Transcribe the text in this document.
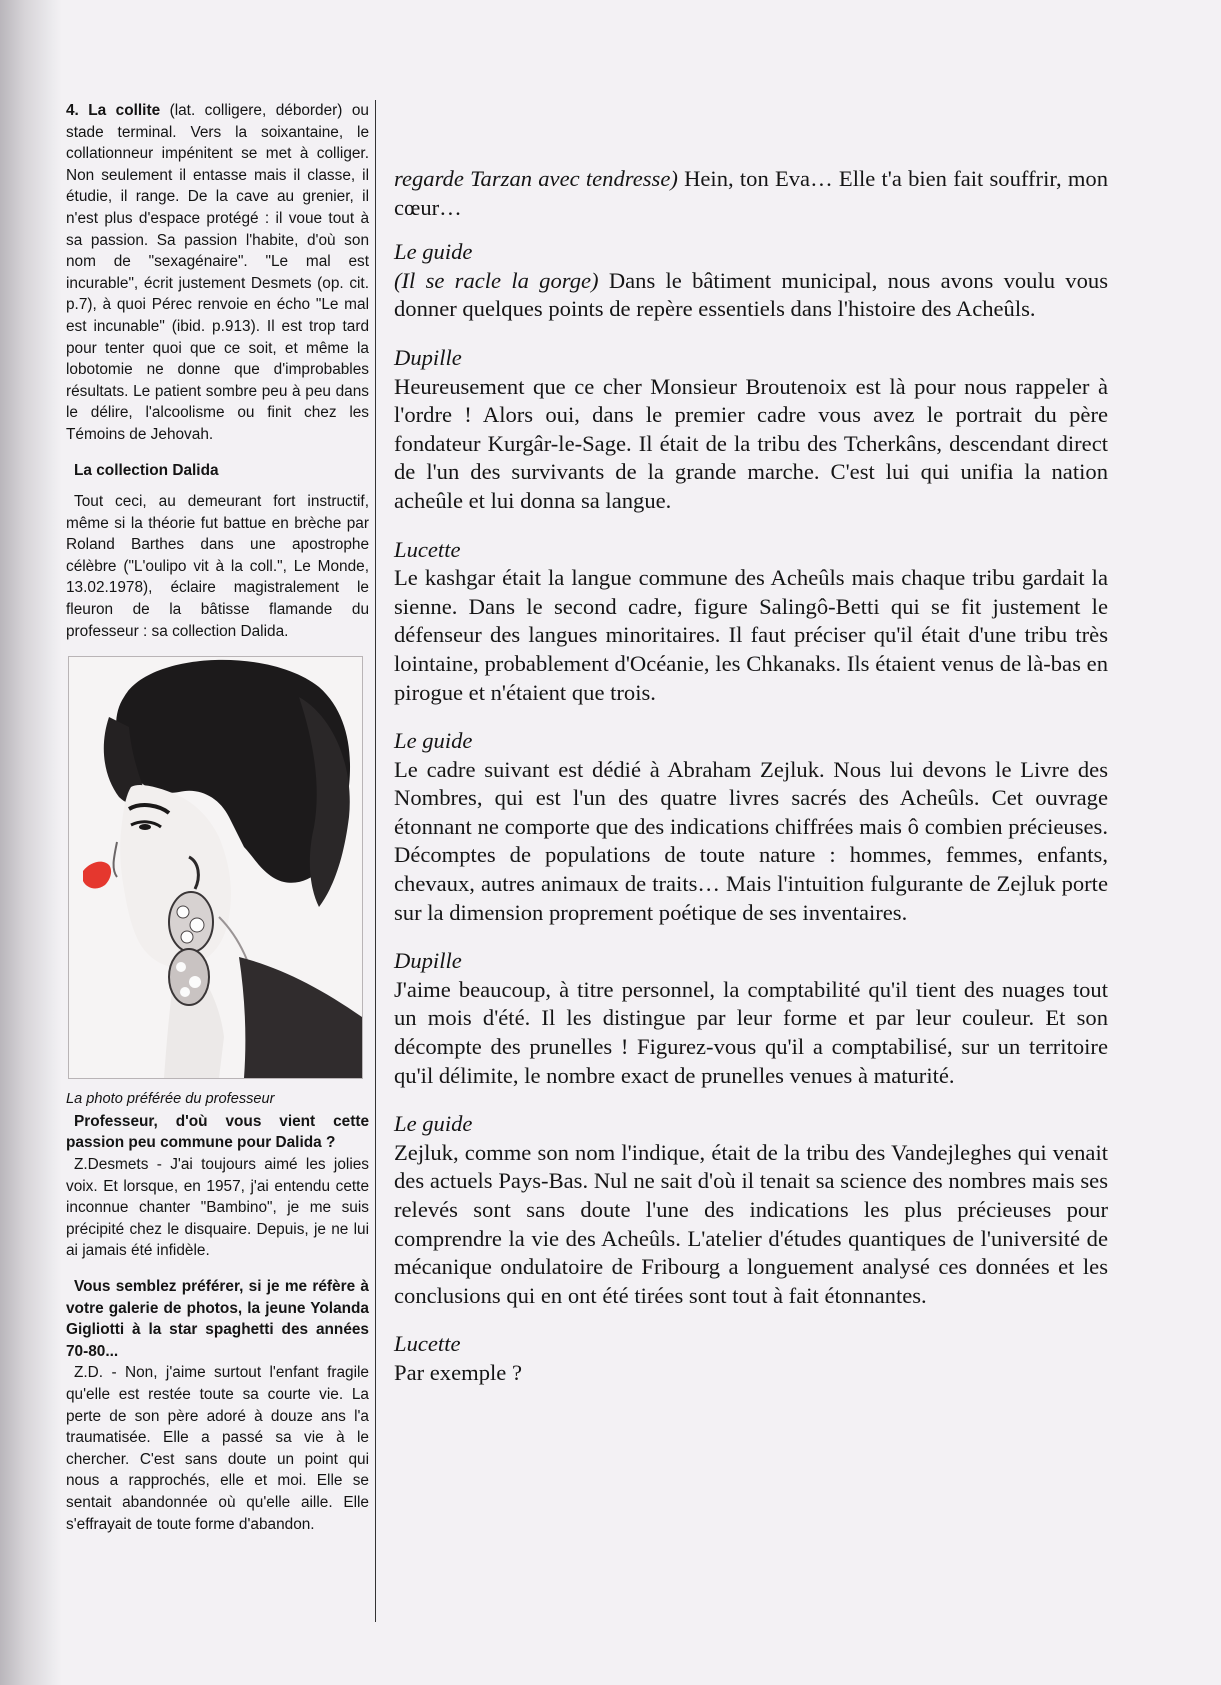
4. La collite (lat. colligere, déborder) ou stade terminal. Vers la soixantaine, le collationneur impénitent se met à colliger. Non seulement il entasse mais il classe, il étudie, il range. De la cave au grenier, il n'est plus d'espace protégé : il voue tout à sa passion. Sa passion l'habite, d'où son nom de "sexagénaire". "Le mal est incurable", écrit justement Desmets (op. cit. p.7), à quoi Pérec renvoie en écho "Le mal est incunable" (ibid. p.913). Il est trop tard pour tenter quoi que ce soit, et même la lobotomie ne donne que d'improbables résultats. Le patient sombre peu à peu dans le délire, l'alcoolisme ou finit chez les Témoins de Jehovah.

La collection Dalida

Tout ceci, au demeurant fort instructif, même si la théorie fut battue en brèche par Roland Barthes dans une apostrophe célèbre ("L'oulipo vit à la coll.", Le Monde, 13.02.1978), éclaire magistralement le fleuron de la bâtisse flamande du professeur : sa collection Dalida.

La photo préférée du professeur

Professeur, d'où vous vient cette passion peu commune pour Dalida ?

Z.Desmets - J'ai toujours aimé les jolies voix. Et lorsque, en 1957, j'ai entendu cette inconnue chanter "Bambino", je me suis précipité chez le disquaire. Depuis, je ne lui ai jamais été infidèle.

Vous semblez préférer, si je me réfère à votre galerie de photos, la jeune Yolanda Gigliotti à la star spaghetti des années 70-80...

Z.D. - Non, j'aime surtout l'enfant fragile qu'elle est restée toute sa courte vie. La perte de son père adoré à douze ans l'a traumatisée. Elle a passé sa vie à le chercher. C'est sans doute un point qui nous a rapprochés, elle et moi. Elle se sentait abandonnée où qu'elle aille. Elle s'effrayait de toute forme d'abandon.

regarde Tarzan avec tendresse) Hein, ton Eva… Elle t'a bien fait souffrir, mon cœur…

Le guide

(Il se racle la gorge) Dans le bâtiment municipal, nous avons voulu vous donner quelques points de repère essentiels dans l'histoire des Acheûls.

Dupille

Heureusement que ce cher Monsieur Broutenoix est là pour nous rappeler à l'ordre ! Alors oui, dans le premier cadre vous avez le portrait du père fondateur Kurgâr-le-Sage. Il était de la tribu des Tcherkâns, descendant direct de l'un des survivants de la grande marche. C'est lui qui unifia la nation acheûle et lui donna sa langue.

Lucette

Le kashgar était la langue commune des Acheûls mais chaque tribu gardait la sienne. Dans le second cadre, figure Salingô-Betti qui se fit justement le défenseur des langues minoritaires. Il faut préciser qu'il était d'une tribu très lointaine, probablement d'Océanie, les Chkanaks. Ils étaient venus de là-bas en pirogue et n'étaient que trois.

Le guide

Le cadre suivant est dédié à Abraham Zejluk. Nous lui devons le Livre des Nombres, qui est l'un des quatre livres sacrés des Acheûls. Cet ouvrage étonnant ne comporte que des indications chiffrées mais ô combien précieuses. Décomptes de populations de toute nature : hommes, femmes, enfants, chevaux, autres animaux de traits… Mais l'intuition fulgurante de Zejluk porte sur la dimension proprement poétique de ses inventaires.

Dupille

J'aime beaucoup, à titre personnel, la comptabilité qu'il tient des nuages tout un mois d'été. Il les distingue par leur forme et par leur couleur. Et son décompte des prunelles ! Figurez-vous qu'il a comptabilisé, sur un territoire qu'il délimite, le nombre exact de prunelles venues à maturité.

Le guide

Zejluk, comme son nom l'indique, était de la tribu des Vandejleghes qui venait des actuels Pays-Bas. Nul ne sait d'où il tenait sa science des nombres mais ses relevés sont sans doute l'une des indications les plus précieuses pour comprendre la vie des Acheûls. L'atelier d'études quantiques de l'université de mécanique ondulatoire de Fribourg a longuement analysé ces données et les conclusions qui en ont été tirées sont tout à fait étonnantes.

Lucette

Par exemple ?
